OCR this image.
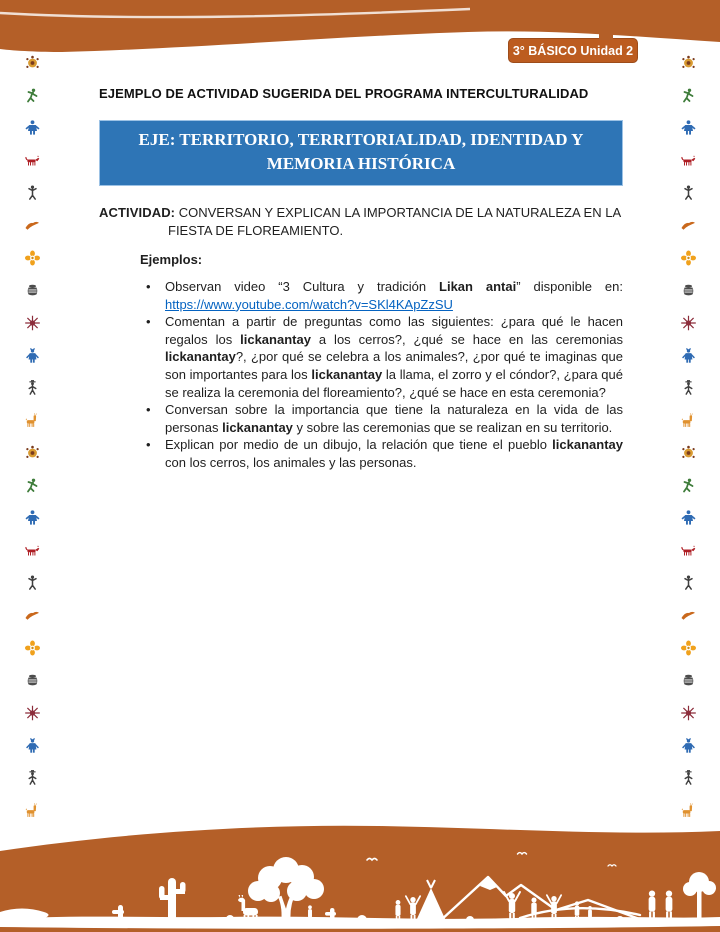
3° BÁSICO Unidad 2
EJEMPLO DE ACTIVIDAD SUGERIDA DEL PROGRAMA INTERCULTURALIDAD
EJE: TERRITORIO, TERRITORIALIDAD, IDENTIDAD Y
MEMORIA HISTÓRICA

ACTIVIDAD: CONVERSAN Y EXPLICAN LA IMPORTANCIA DE LA NATURALEZA EN LA FIESTA DE FLOREAMIENTO.

Ejemplos:

• Observan video “3 Cultura y tradición Likan antai” disponible en:
https://www.youtube.com/watch?v=SKl4KApZzSU
• Comentan a partir de preguntas como las siguientes: ¿para qué le hacen regalos los lickanantay a los cerros?, ¿qué se hace en las ceremonias lickanantay?, ¿por qué se celebra a los animales?, ¿por qué te imaginas que son importantes para los lickanantay la llama, el zorro y el cóndor?, ¿para qué se realiza la ceremonia del floreamiento?, ¿qué se hace en esta ceremonia?
• Conversan sobre la importancia que tiene la naturaleza en la vida de las personas lickanantay y sobre las ceremonias que se realizan en su territorio.
• Explican por medio de un dibujo, la relación que tiene el pueblo lickanantay con los cerros, los animales y las personas.
